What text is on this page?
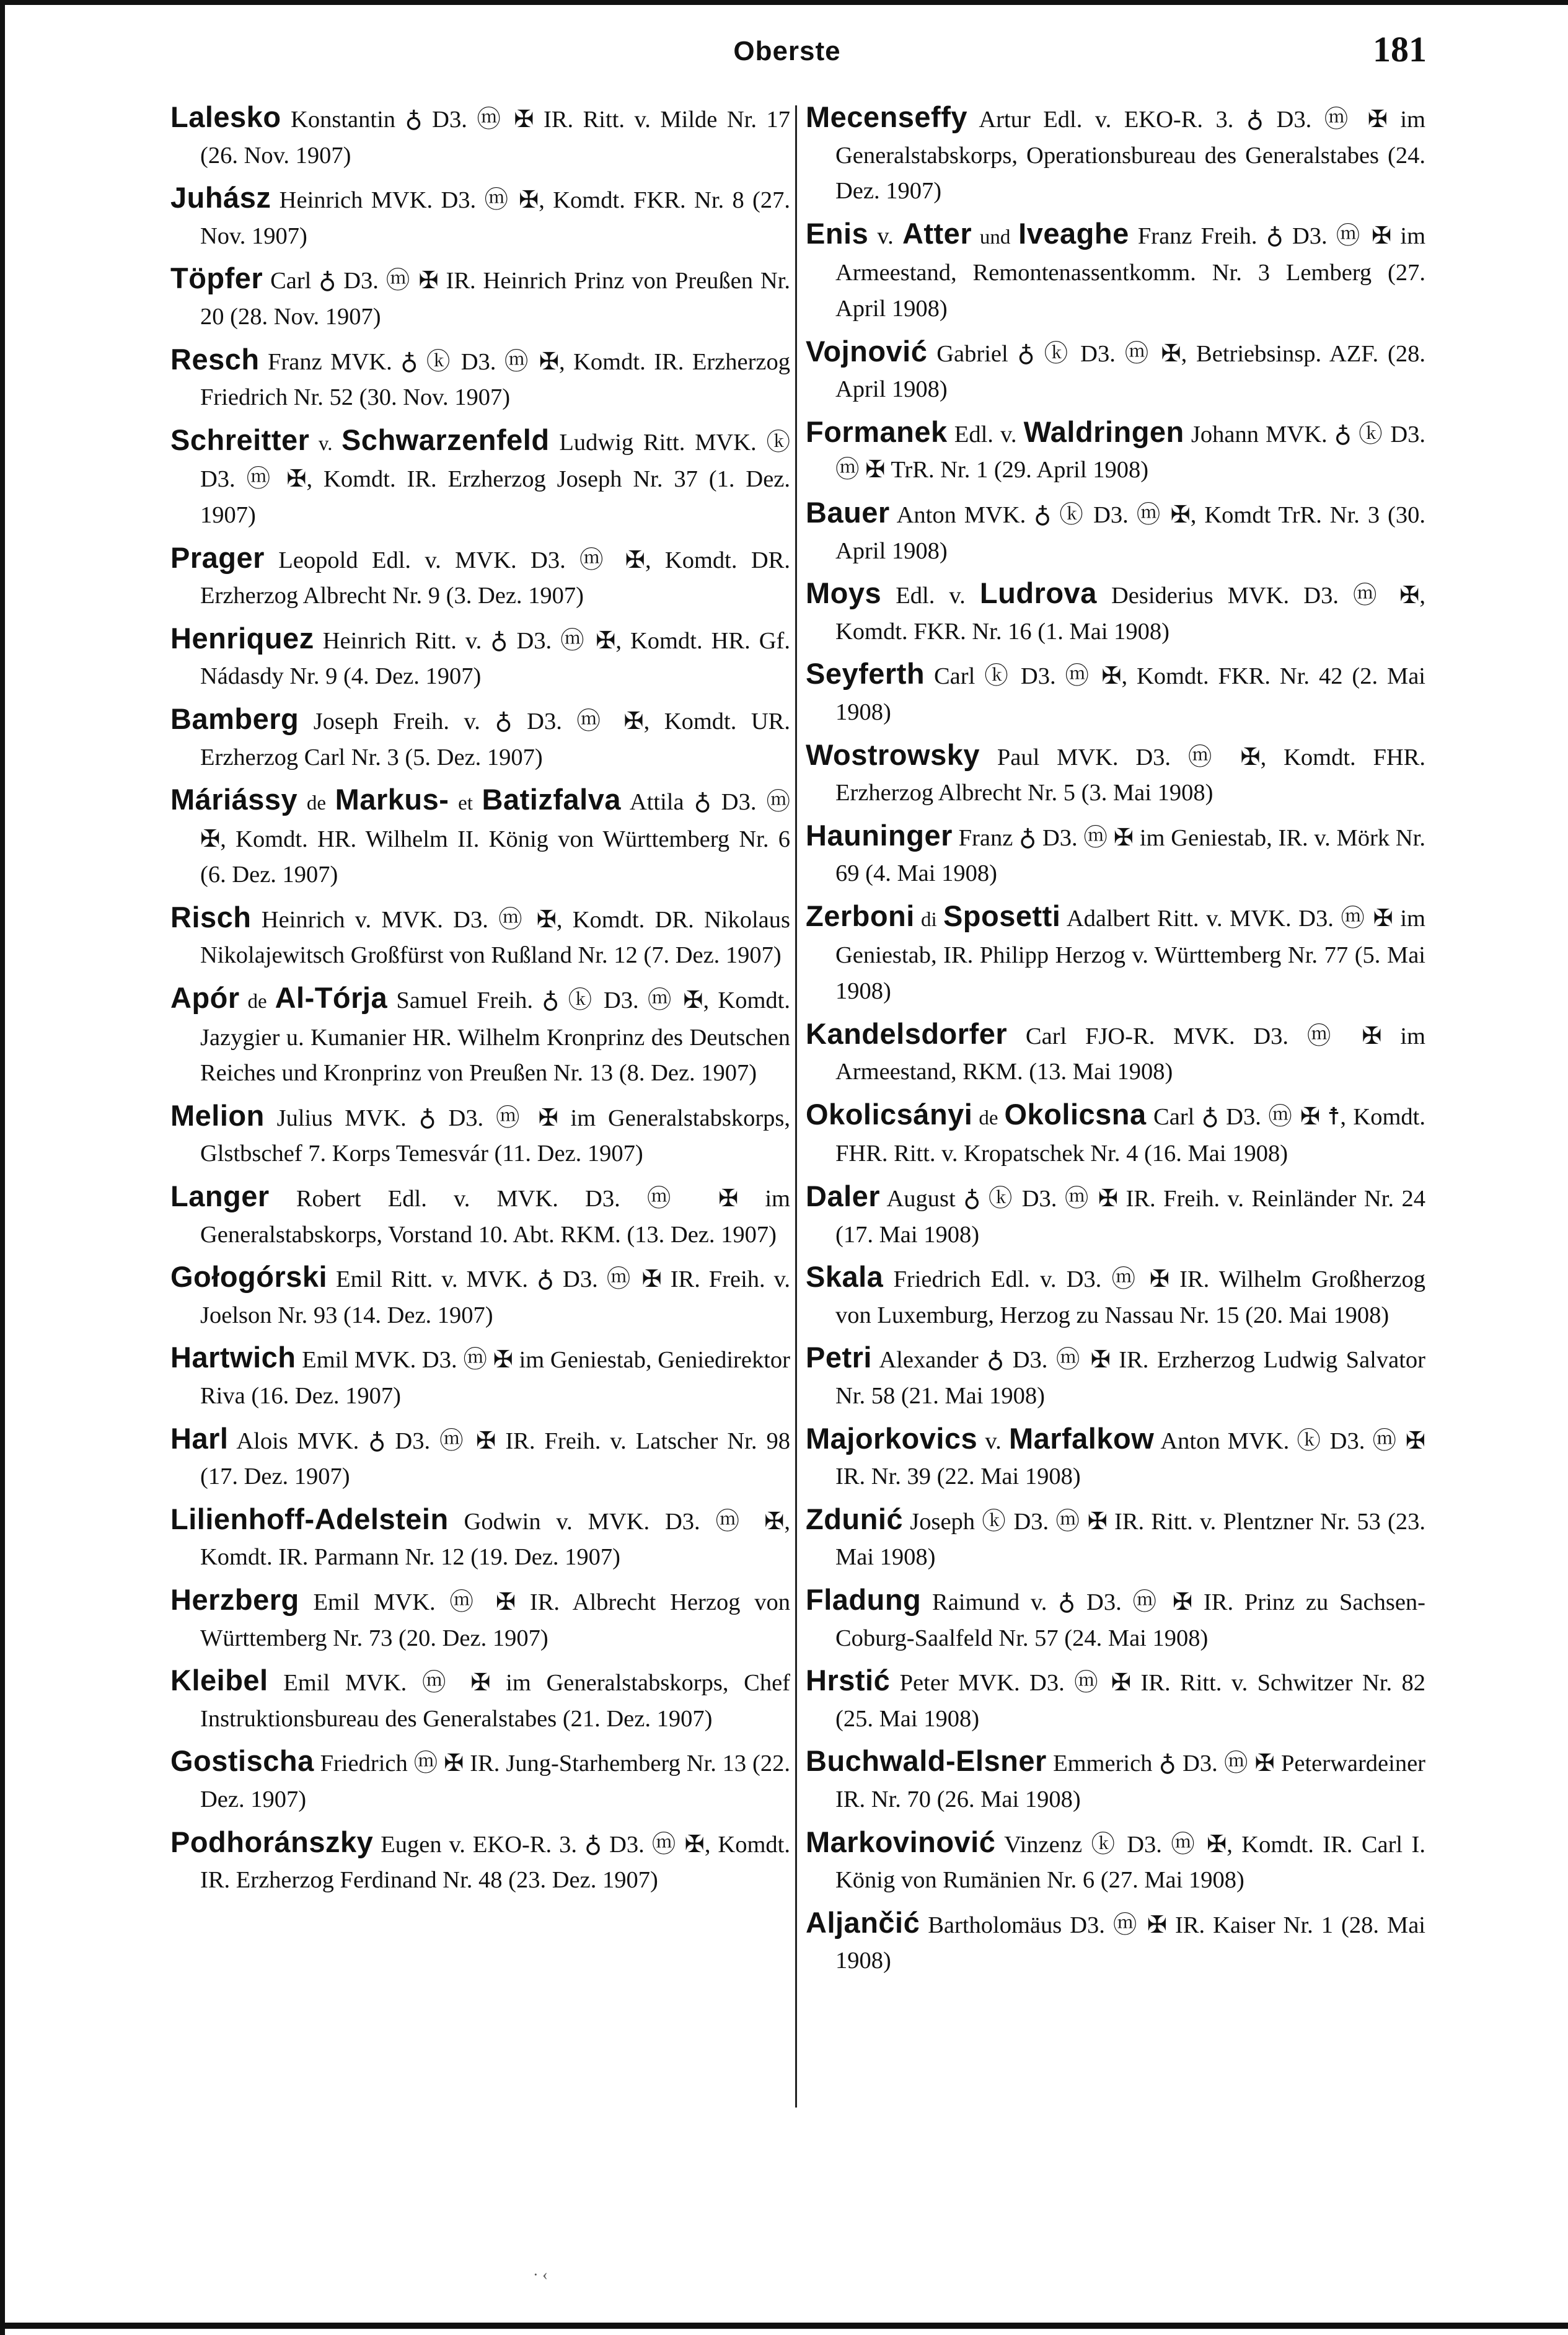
Oberste	181
Lalesko Konstantin ♁ D3. ⓜ ✠ IR. Ritt. v. Milde Nr. 17 (26. Nov. 1907)
Juhász Heinrich MVK. D3. ⓜ ✠, Komdt. FKR. Nr. 8 (27. Nov. 1907)
Töpfer Carl ♁ D3. ⓜ ✠ IR. Heinrich Prinz von Preußen Nr. 20 (28. Nov. 1907)
Resch Franz MVK. ♁ ⓚ D3. ⓜ ✠, Komdt. IR. Erzherzog Friedrich Nr. 52 (30. Nov. 1907)
Schreitter v. Schwarzenfeld Ludwig Ritt. MVK. ⓚ D3. ⓜ ✠, Komdt. IR. Erzherzog Joseph Nr. 37 (1. Dez. 1907)
Prager Leopold Edl. v. MVK. D3. ⓜ ✠, Komdt. DR. Erzherzog Albrecht Nr. 9 (3. Dez. 1907)
Henriquez Heinrich Ritt. v. ♁ D3. ⓜ ✠, Komdt. HR. Gf. Nádasdy Nr. 9 (4. Dez. 1907)
Bamberg Joseph Freih. v. ♁ D3. ⓜ ✠, Komdt. UR. Erzherzog Carl Nr. 3 (5. Dez. 1907)
Máriássy de Markus- et Batizfalva Attila ♁ D3. ⓜ ✠, Komdt. HR. Wilhelm II. König von Württemberg Nr. 6 (6. Dez. 1907)
Risch Heinrich v. MVK. D3. ⓜ ✠, Komdt. DR. Nikolaus Nikolajewitsch Großfürst von Rußland Nr. 12 (7. Dez. 1907)
Apór de Al-Tórja Samuel Freih. ♁ ⓚ D3. ⓜ ✠, Komdt. Jazygier u. Kumanier HR. Wilhelm Kronprinz des Deutschen Reiches und Kronprinz von Preußen Nr. 13 (8. Dez. 1907)
Melion Julius MVK. ♁ D3. ⓜ ✠ im Generalstabskorps, Glstbschef 7. Korps Temesvár (11. Dez. 1907)
Langer Robert Edl. v. MVK. D3. ⓜ ✠ im Generalstabskorps, Vorstand 10. Abt. RKM. (13. Dez. 1907)
Gołogórski Emil Ritt. v. MVK. ♁ D3. ⓜ ✠ IR. Freih. v. Joelson Nr. 93 (14. Dez. 1907)
Hartwich Emil MVK. D3. ⓜ ✠ im Geniestab, Geniedirektor Riva (16. Dez. 1907)
Harl Alois MVK. ♁ D3. ⓜ ✠ IR. Freih. v. Latscher Nr. 98 (17. Dez. 1907)
Lilienhoff-Adelstein Godwin v. MVK. D3. ⓜ ✠, Komdt. IR. Parmann Nr. 12 (19. Dez. 1907)
Herzberg Emil MVK. ⓜ ✠ IR. Albrecht Herzog von Württemberg Nr. 73 (20. Dez. 1907)
Kleibel Emil MVK. ⓜ ✠ im Generalstabskorps, Chef Instruktionsbureau des Generalstabes (21. Dez. 1907)
Gostischa Friedrich ⓜ ✠ IR. Jung-Starhemberg Nr. 13 (22. Dez. 1907)
Podhoránszky Eugen v. EKO-R. 3. ♁ D3. ⓜ ✠, Komdt. IR. Erzherzog Ferdinand Nr. 48 (23. Dez. 1907)
Mecenseffy Artur Edl. v. EKO-R. 3. ♁ D3. ⓜ ✠ im Generalstabskorps, Operationsbureau des Generalstabes (24. Dez. 1907)
Enis v. Atter und Iveaghe Franz Freih. ♁ D3. ⓜ ✠ im Armeestand, Remontenassentkomm. Nr. 3 Lemberg (27. April 1908)
Vojnović Gabriel ♁ ⓚ D3. ⓜ ✠, Betriebsinsp. AZF. (28. April 1908)
Formanek Edl. v. Waldringen Johann MVK. ♁ ⓚ D3. ⓜ ✠ TrR. Nr. 1 (29. April 1908)
Bauer Anton MVK. ♁ ⓚ D3. ⓜ ✠, Komdt TrR. Nr. 3 (30. April 1908)
Moys Edl. v. Ludrova Desiderius MVK. D3. ⓜ ✠, Komdt. FKR. Nr. 16 (1. Mai 1908)
Seyferth Carl ⓚ D3. ⓜ ✠, Komdt. FKR. Nr. 42 (2. Mai 1908)
Wostrowsky Paul MVK. D3. ⓜ ✠, Komdt. FHR. Erzherzog Albrecht Nr. 5 (3. Mai 1908)
Hauninger Franz ♁ D3. ⓜ ✠ im Geniestab, IR. v. Mörk Nr. 69 (4. Mai 1908)
Zerboni di Sposetti Adalbert Ritt. v. MVK. D3. ⓜ ✠ im Geniestab, IR. Philipp Herzog v. Württemberg Nr. 77 (5. Mai 1908)
Kandelsdorfer Carl FJO-R. MVK. D3. ⓜ ✠ im Armeestand, RKM. (13. Mai 1908)
Okolicsányi de Okolicsna Carl ♁ D3. ⓜ ✠ ☨, Komdt. FHR. Ritt. v. Kropatschek Nr. 4 (16. Mai 1908)
Daler August ♁ ⓚ D3. ⓜ ✠ IR. Freih. v. Reinländer Nr. 24 (17. Mai 1908)
Skala Friedrich Edl. v. D3. ⓜ ✠ IR. Wilhelm Großherzog von Luxemburg, Herzog zu Nassau Nr. 15 (20. Mai 1908)
Petri Alexander ♁ D3. ⓜ ✠ IR. Erzherzog Ludwig Salvator Nr. 58 (21. Mai 1908)
Majorkovics v. Marfalkow Anton MVK. ⓚ D3. ⓜ ✠ IR. Nr. 39 (22. Mai 1908)
Zdunić Joseph ⓚ D3. ⓜ ✠ IR. Ritt. v. Plentzner Nr. 53 (23. Mai 1908)
Fladung Raimund v. ♁ D3. ⓜ ✠ IR. Prinz zu Sachsen-Coburg-Saalfeld Nr. 57 (24. Mai 1908)
Hrstić Peter MVK. D3. ⓜ ✠ IR. Ritt. v. Schwitzer Nr. 82 (25. Mai 1908)
Buchwald-Elsner Emmerich ♁ D3. ⓜ ✠ Peterwardeiner IR. Nr. 70 (26. Mai 1908)
Markovinović Vinzenz ⓚ D3. ⓜ ✠, Komdt. IR. Carl I. König von Rumänien Nr. 6 (27. Mai 1908)
Aljančić Bartholomäus D3. ⓜ ✠ IR. Kaiser Nr. 1 (28. Mai 1908)
· ‹
